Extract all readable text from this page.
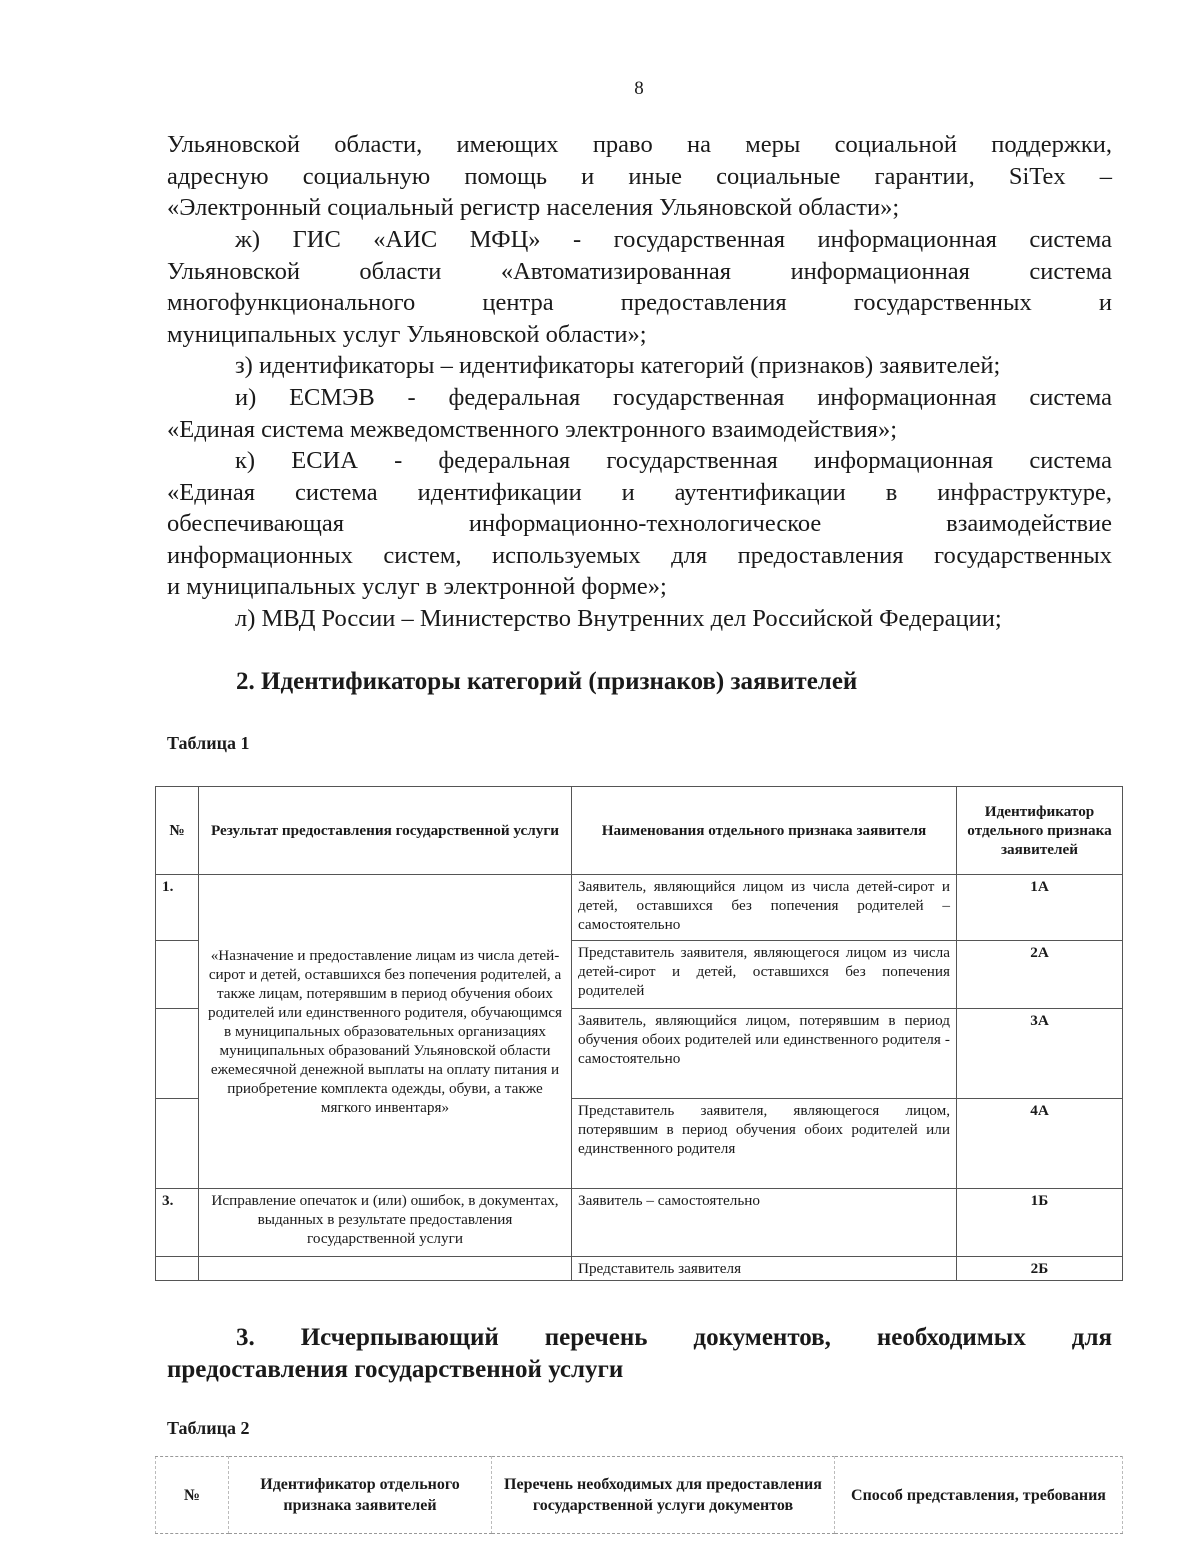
8
Ульяновской области, имеющих право на меры социальной поддержки,
адресную социальную помощь и иные социальные гарантии, SiTex –
«Электронный социальный регистр населения Ульяновской области»;
ж) ГИС «АИС МФЦ» - государственная информационная система
Ульяновской области «Автоматизированная информационная система
многофункционального центра предоставления государственных и
муниципальных услуг Ульяновской области»;
з) идентификаторы – идентификаторы категорий (признаков) заявителей;
и) ЕСМЭВ - федеральная государственная информационная система
«Единая система межведомственного электронного взаимодействия»;
к) ЕСИА - федеральная государственная информационная система
«Единая система идентификации и аутентификации в инфраструктуре,
обеспечивающая информационно-технологическое взаимодействие
информационных систем, используемых для предоставления государственных
и муниципальных услуг в электронной форме»;
л) МВД России – Министерство Внутренних дел Российской Федерации;
2. Идентификаторы категорий (признаков) заявителей
Таблица 1
№	Результат предоставления государственной услуги	Наименования отдельного признака заявителя	Идентификатор отдельного признака заявителей
1.	«Назначение и предоставление лицам из числа детей-сирот и детей, оставшихся без попечения родителей, а также лицам, потерявшим в период обучения обоих родителей или единственного родителя, обучающимся в муниципальных образовательных организациях муниципальных образований Ульяновской области ежемесячной денежной выплаты на оплату питания и приобретение комплекта одежды, обуви, а также мягкого инвентаря»	Заявитель, являющийся лицом из числа детей-сирот и детей, оставшихся без попечения родителей – самостоятельно	1А
		Представитель заявителя, являющегося лицом из числа детей-сирот и детей, оставшихся без попечения родителей	2А
		Заявитель, являющийся лицом, потерявшим в период обучения обоих родителей или единственного родителя - самостоятельно	3А
		Представитель заявителя, являющегося лицом, потерявшим в период обучения обоих родителей или единственного родителя	4А
3.	Исправление опечаток и (или) ошибок, в документах, выданных в результате предоставления государственной услуги	Заявитель – самостоятельно	1Б
		Представитель заявителя	2Б
3. Исчерпывающий перечень документов, необходимых для
предоставления государственной услуги
Таблица 2
№	Идентификатор отдельного признака заявителей	Перечень необходимых для предоставления государственной услуги документов	Способ представления, требования
